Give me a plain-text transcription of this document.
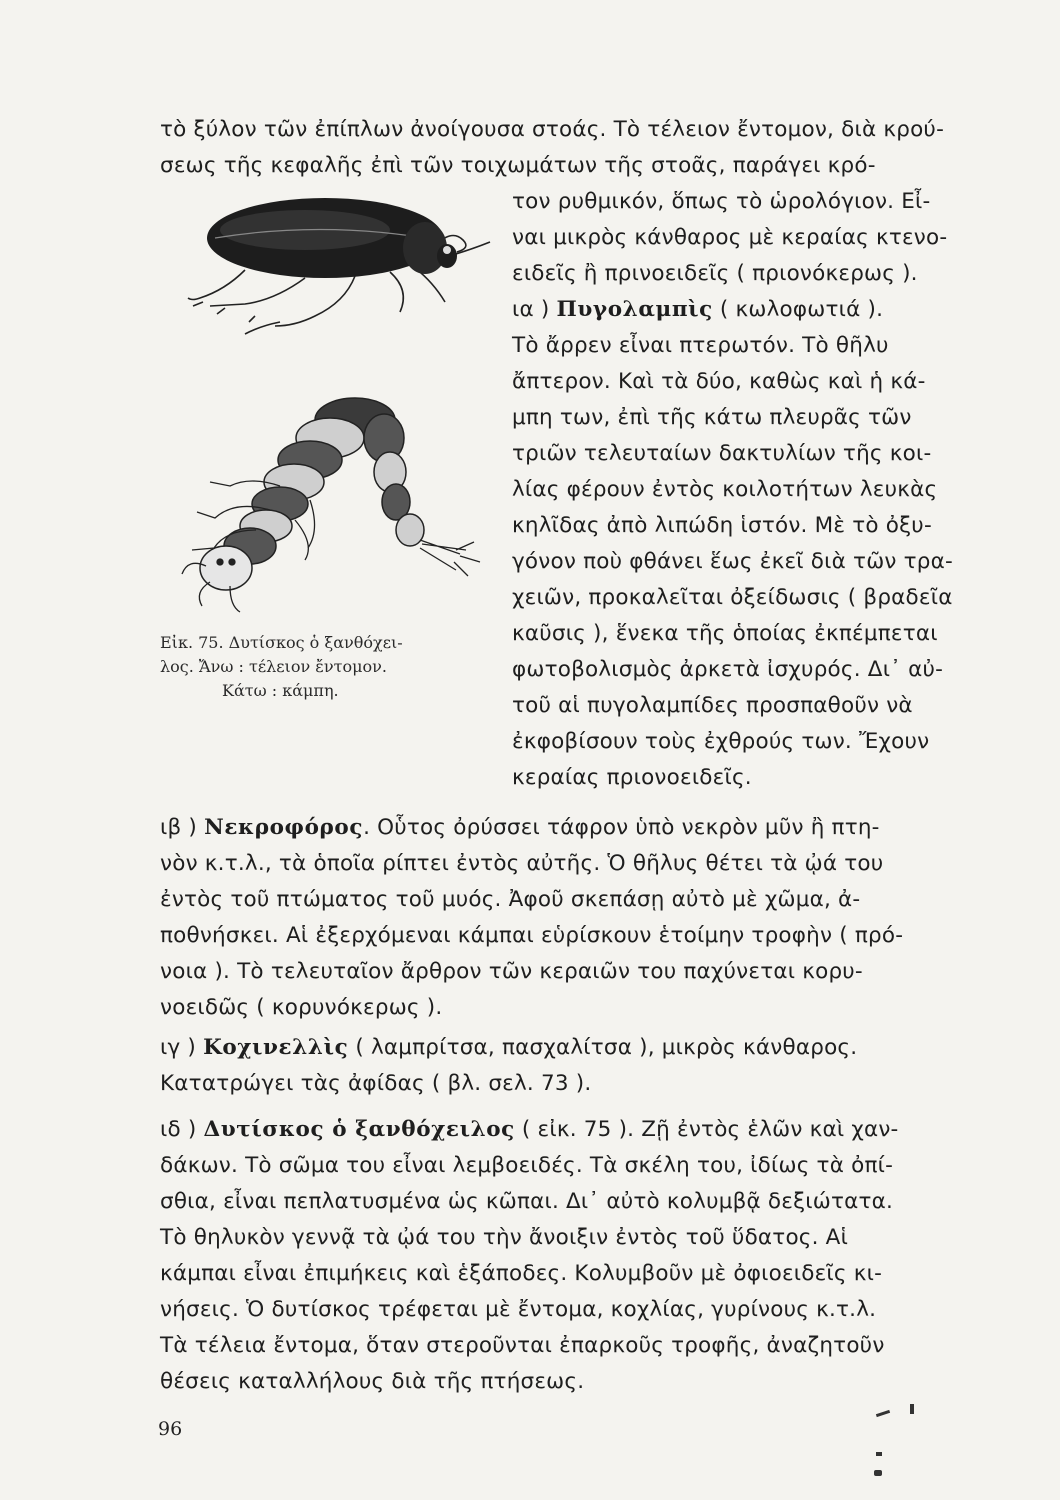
τὸ ξύλον τῶν ἐπίπλων ἀνοίγουσα στοάς. Τὸ τέλειον ἔντομον, διὰ κρού-
σεως τῆς κεφαλῆς ἐπὶ τῶν τοιχωμάτων τῆς στοᾶς, παράγει κρό-
τον ρυθμικόν, ὅπως τὸ ὡρολόγιον. Εἶ-
ναι μικρὸς κάνθαρος μὲ κεραίας κτενο-
ειδεῖς ἢ πρινοειδεῖς ( πριονόκερως ).
ια ) Πυγολαμπὶς ( κωλοφωτιά ).
Τὸ ἄρρεν εἶναι πτερωτόν. Τὸ θῆλυ
ἄπτερον. Καὶ τὰ δύο, καθὼς καὶ ἡ κά-
μπη των, ἐπὶ τῆς κάτω πλευρᾶς τῶν
τριῶν τελευταίων δακτυλίων τῆς κοι-
λίας φέρουν ἐντὸς κοιλοτήτων λευκὰς
κηλῖδας ἀπὸ λιπώδη ἱστόν. Μὲ τὸ ὀξυ-
γόνον ποὺ φθάνει ἕως ἐκεῖ διὰ τῶν τρα-
χειῶν, προκαλεῖται ὀξείδωσις ( βραδεῖα
καῦσις ), ἕνεκα τῆς ὁποίας ἐκπέμπεται
φωτοβολισμὸς ἀρκετὰ ἰσχυρός. Δι᾽ αὐ-
τοῦ αἱ πυγολαμπίδες προσπαθοῦν νὰ
ἐκφοβίσουν τοὺς ἐχθρούς των. Ἔχουν
κεραίας πριονοειδεῖς.
ιβ ) Νεκροφόρος. Οὗτος ὀρύσσει τάφρον ὑπὸ νεκρὸν μῦν ἢ πτη-
νὸν κ.τ.λ., τὰ ὁποῖα ρίπτει ἐντὸς αὐτῆς. Ὁ θῆλυς θέτει τὰ ᾠά του
ἐντὸς τοῦ πτώματος τοῦ μυός. Ἀφοῦ σκεπάσῃ αὐτὸ μὲ χῶμα, ἀ-
ποθνήσκει. Αἱ ἐξερχόμεναι κάμπαι εὑρίσκουν ἑτοίμην τροφὴν ( πρό-
νοια ). Τὸ τελευταῖον ἄρθρον τῶν κεραιῶν του παχύνεται κορυ-
νοειδῶς ( κορυνόκερως ).
ιγ ) Κοχινελλὶς ( λαμπρίτσα, πασχαλίτσα ), μικρὸς κάνθαρος.
Κατατρώγει τὰς ἀφίδας ( βλ. σελ. 73 ).
ιδ ) Δυτίσκος ὁ ξανθόχειλος ( εἰκ. 75 ). Ζῇ ἐντὸς ἑλῶν καὶ χαν-
δάκων. Τὸ σῶμα του εἶναι λεμβοειδές. Τὰ σκέλη του, ἰδίως τὰ ὀπί-
σθια, εἶναι πεπλατυσμένα ὡς κῶπαι. Δι᾽ αὐτὸ κολυμβᾷ δεξιώτατα.
Τὸ θηλυκὸν γεννᾷ τὰ ᾠά του τὴν ἄνοιξιν ἐντὸς τοῦ ὕδατος. Αἱ
κάμπαι εἶναι ἐπιμήκεις καὶ ἑξάποδες. Κολυμβοῦν μὲ ὀφιοειδεῖς κι-
νήσεις. Ὁ δυτίσκος τρέφεται μὲ ἔντομα, κοχλίας, γυρίνους κ.τ.λ.
Τὰ τέλεια ἔντομα, ὅταν στεροῦνται ἐπαρκοῦς τροφῆς, ἀναζητοῦν
θέσεις καταλλήλους διὰ τῆς πτήσεως.
Εἰκ. 75. Δυτίσκος ὁ ξανθόχει-
λος. Ἄνω : τέλειον ἔντομον.
Κάτω : κάμπη.
96
